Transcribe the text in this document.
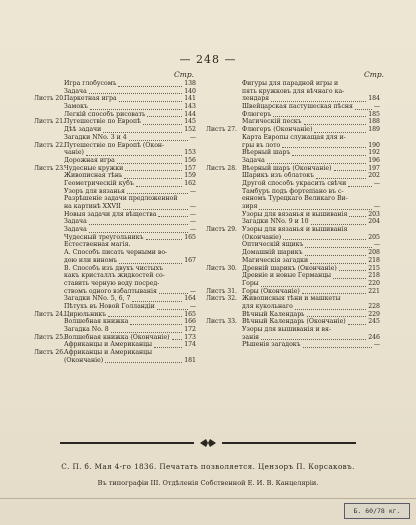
— 248 —
Стр.	Стр.
Игра глобусомъ	138
Задача	140
Листъ 20. Паркетная игра	141
Замокъ	143
Легкій способъ рисовать	144
Листъ 21. Путешествіе по Европѣ	145
Дѣѣ задачи	152
Загадки NNо. 3 и 4	—
Листъ 22. Путешествіе по Европѣ (Окон-
чаніе)	153
Дорожная игра	156
Листъ 23. Чудесные кружки	157
Живописная тѣнь	159
Геометрическій кубъ	162
Узоръ для вязанья	—
Разрѣшеніе задачи предложенной
на картинѣ XXVII	—
Новыя задачи для вѣщества	—
Задача	—
Задача	—
Чудесный треугольникъ	165
Естественная магія.
А. Способъ писать черными во-
дою или виномъ	167
В. Способъ изъ двухъ чистыхъ
какъ кристаллъ жидкостей со-
ставить черную воду посред-
ствомъ одного взбалтыванія	—
Загадки NNо. 5, 6, 7	164
Пѣтухъ въ Новой Голландіи	—
Листъ 24. Цирюльникъ	165
Волшебная книжка	166
Загадка No. 8	172
Листъ 25. Волшебная книжка (Окончаніе) 173
Африканцы и Американцы	174
Листъ 26. Африканцы и Американцы
(Окончаніе)	181
Фигуры для парадной игры и
пять кружковъ для вѣчнаго ка-
лендаря	184
Швейцарская пастушеская пѣсня	—
Флюгеръ	185
Магическій пескъ	188
Листъ 27. Флюгеръ (Окончаніе)	189
Карта Европы служащая для и-
гры въ лото	190
Вѣерный шаръ	192
Задача	196
Листъ 28. Вѣерный шаръ (Окончаніе)	197
Шарикъ изъ облатокъ	202
Другой способъ украсить свѣчи	—
Тамбуръ подъ фортепіано въ с-
енномъ Турецкаго Великаго Ви-
зиря	—
Узоры для вязанья и вышиванія	203
Загадки NNо. 9 и 10	204
Листъ 29. Узоры для вязанья и вышиванія
(Окончаніе)	205
Оптическій ящикъ	—
Домашній шарикъ	208
Магическія загадки	218
Листъ 30. Древній шарикъ (Окончаніе)	215
Древніе и новые Германцы	218
Горы	220
Листъ 31. Горы (Окончаніе)	221
Листъ 32. Живописныя тѣни и машкеты
для кукольнаго	228
Вѣчный Календарь	229
Листъ 33. Вѣчный Календарь (Окончаніе)	245
Узоры для вышиванія и вя-
занія	246
Рѣшенія загадокъ	—
С. П. б. Мая 4-го 1836. Печатать позволяется. Цензоръ П. Корсаковъ.
Въ типографіи III. Отдѣленія Собственной Е. И. В. Канцеляріи.
Б. 60/78 кг.
